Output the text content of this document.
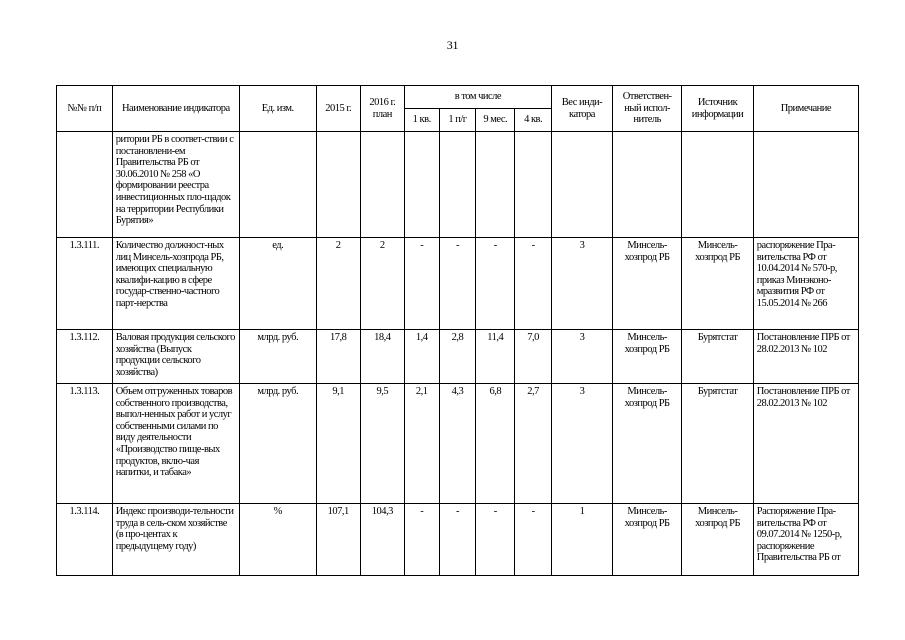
31
№№ п/п	Наименование индикатора	Ед. изм.	2015 г.	2016 г. план	в том числе				Вес инди-катора	Ответствен-ный испол-нитель	Источник информации	Примечание
					1 кв.	1 п/г	9 мес.	4 кв.				
	ритории РБ в соответ-ствии с постановлени-ем Правительства РБ от 30.06.2010 № 258 «О формировании реестра инвестиционных пло-щадок на территории Республики Бурятия»											
1.3.111.	Количество должност-ных лиц Минсель-хозпрода РБ, имеющих специальную квалифи-кацию в сфере государ-ственно-частного парт-нерства	ед.	2	2	-	-	-	-	3	Минсель-хозпрод РБ	Минсель-хозпрод РБ	распоряжение Пра-вительства РФ от 10.04.2014 № 570-р, приказ Минэконо-мразвития РФ от 15.05.2014 № 266
1.3.112.	Валовая продукция сельского хозяйства (Выпуск продукции сельского хозяйства)	млрд. руб.	17,8	18,4	1,4	2,8	11,4	7,0	3	Минсель-хозпрод РБ	Бурятстат	Постановление ПРБ от 28.02.2013 № 102
1.3.113.	Объем отгруженных товаров собственного производства, выпол-ненных работ и услуг собственными силами по виду деятельности «Производство пище-вых продуктов, вклю-чая напитки, и табака»	млрд. руб.	9,1	9,5	2,1	4,3	6,8	2,7	3	Минсель-хозпрод РБ	Бурятстат	Постановление ПРБ от 28.02.2013 № 102
1.3.114.	Индекс производи-тельности труда в сель-ском хозяйстве (в про-центах к предыдущему году)	%	107,1	104,3	-	-	-	-	1	Минсель-хозпрод РБ	Минсель-хозпрод РБ	Распоряжение Пра-вительства РФ от 09.07.2014 № 1250-р, распоряжение Правительства РБ от
